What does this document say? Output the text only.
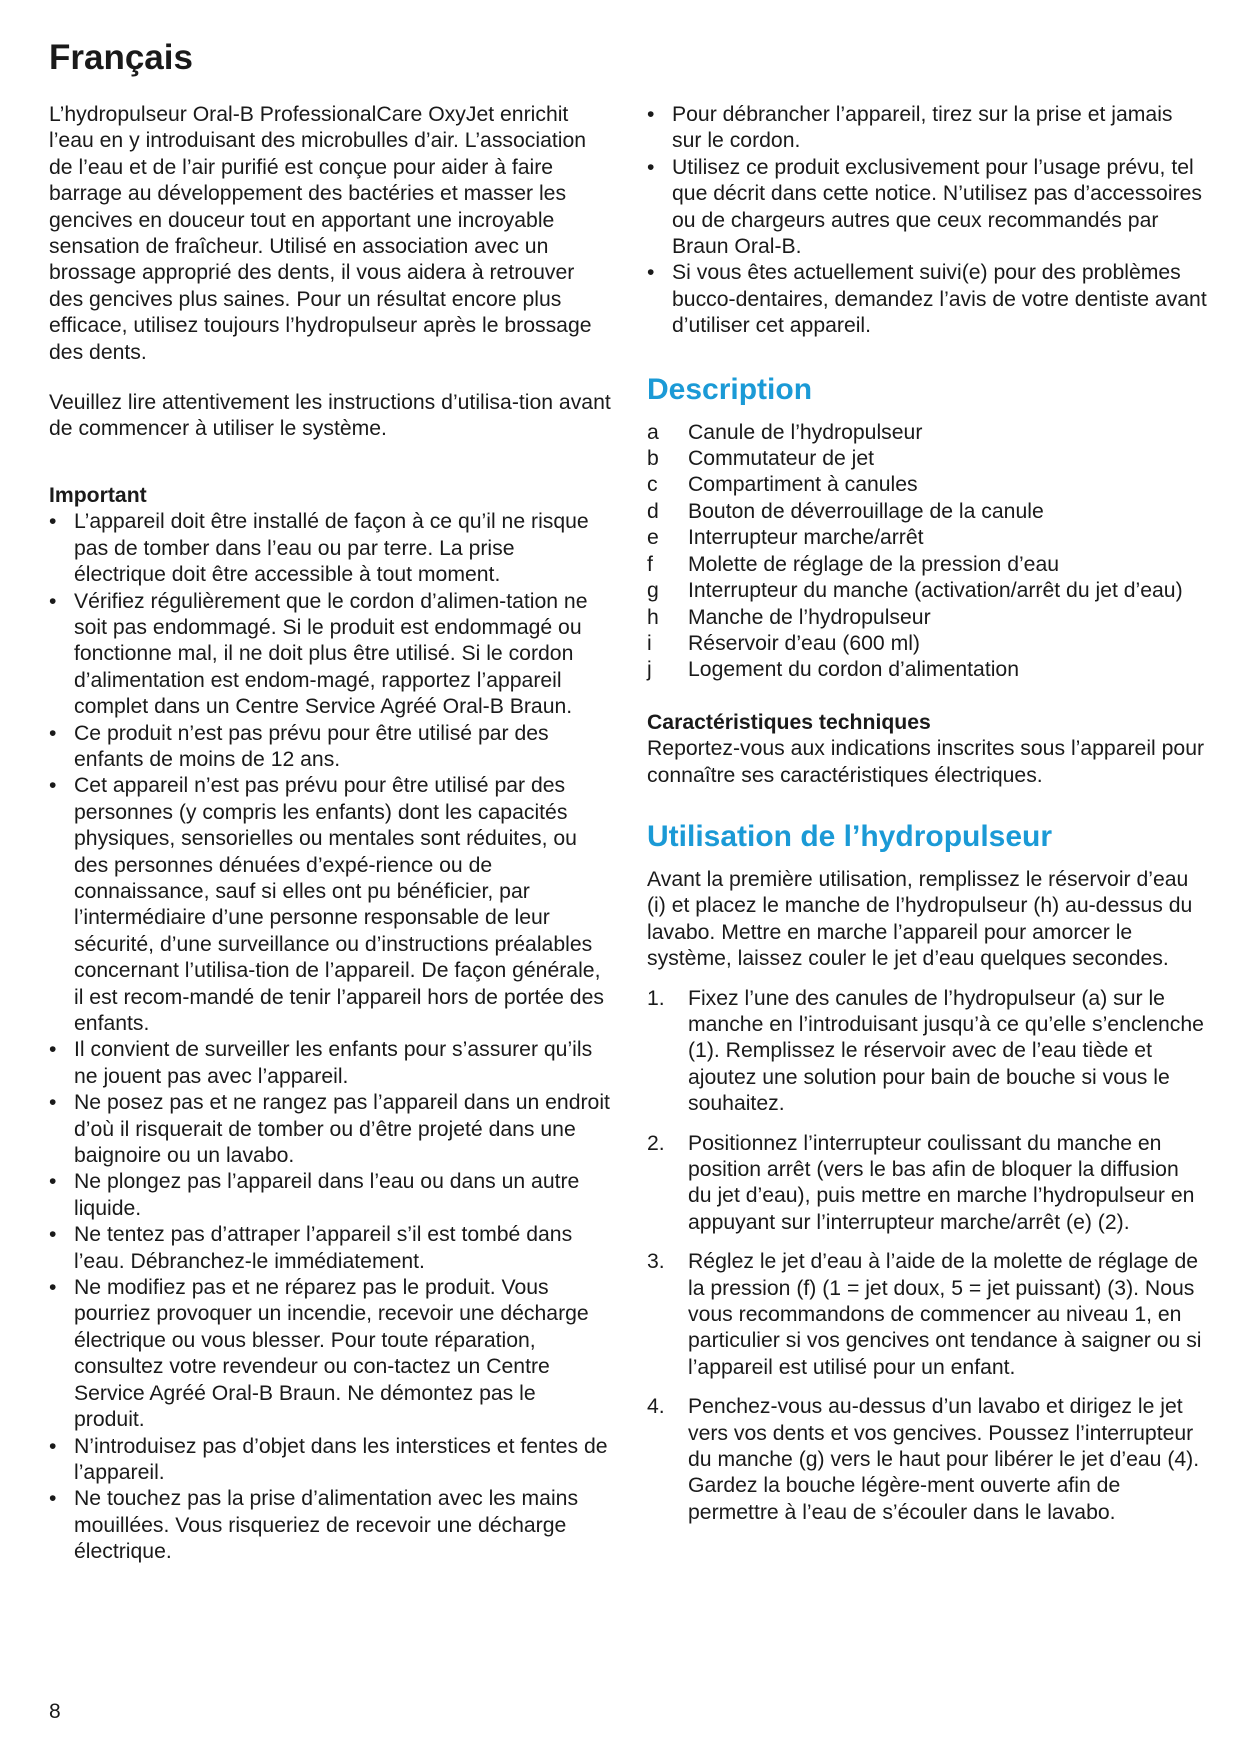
Français

L’hydropulseur Oral-B ProfessionalCare OxyJet enrichit l’eau en y introduisant des microbulles d’air. L’association de l’eau et de l’air purifié est conçue pour aider à faire barrage au développement des bactéries et masser les gencives en douceur tout en apportant une incroyable sensation de fraîcheur. Utilisé en association avec un brossage approprié des dents, il vous aidera à retrouver des gencives plus saines. Pour un résultat encore plus efficace, utilisez toujours l’hydropulseur après le brossage des dents.

Veuillez lire attentivement les instructions d’utilisa-tion avant de commencer à utiliser le système.

Important

• L’appareil doit être installé de façon à ce qu’il ne risque pas de tomber dans l’eau ou par terre. La prise électrique doit être accessible à tout moment.
• Vérifiez régulièrement que le cordon d’alimen-tation ne soit pas endommagé. Si le produit est endommagé ou fonctionne mal, il ne doit plus être utilisé. Si le cordon d’alimentation est endom-magé, rapportez l’appareil complet dans un Centre Service Agréé Oral-B Braun.
• Ce produit n’est pas prévu pour être utilisé par des enfants de moins de 12 ans.
• Cet appareil n’est pas prévu pour être utilisé par des personnes (y compris les enfants) dont les capacités physiques, sensorielles ou mentales sont réduites, ou des personnes dénuées d’expé-rience ou de connaissance, sauf si elles ont pu bénéficier, par l’intermédiaire d’une personne responsable de leur sécurité, d’une surveillance ou d’instructions préalables concernant l’utilisa-tion de l’appareil. De façon générale, il est recom-mandé de tenir l’appareil hors de portée des enfants.
• Il convient de surveiller les enfants pour s’assurer qu’ils ne jouent pas avec l’appareil.
• Ne posez pas et ne rangez pas l’appareil dans un endroit d’où il risquerait de tomber ou d’être projeté dans une baignoire ou un lavabo.
• Ne plongez pas l’appareil dans l’eau ou dans un autre liquide.
• Ne tentez pas d’attraper l’appareil s’il est tombé dans l’eau. Débranchez-le immédiatement.
• Ne modifiez pas et ne réparez pas le produit. Vous pourriez provoquer un incendie, recevoir une décharge électrique ou vous blesser. Pour toute réparation, consultez votre revendeur ou con-tactez un Centre Service Agréé Oral-B Braun. Ne démontez pas le produit.
• N’introduisez pas d’objet dans les interstices et fentes de l’appareil.
• Ne touchez pas la prise d’alimentation avec les mains mouillées. Vous risqueriez de recevoir une décharge électrique.
• Pour débrancher l’appareil, tirez sur la prise et jamais sur le cordon.
• Utilisez ce produit exclusivement pour l’usage prévu, tel que décrit dans cette notice. N’utilisez pas d’accessoires ou de chargeurs autres que ceux recommandés par Braun Oral-B.
• Si vous êtes actuellement suivi(e) pour des problèmes bucco-dentaires, demandez l’avis de votre dentiste avant d’utiliser cet appareil.
Description
a	Canule de l’hydropulseur
b	Commutateur de jet
c	Compartiment à canules
d	Bouton de déverrouillage de la canule
e	Interrupteur marche/arrêt
f	Molette de réglage de la pression d’eau
g	Interrupteur du manche (activation/arrêt du jet d’eau)
h	Manche de l’hydropulseur
i	Réservoir d’eau (600 ml)
j	Logement du cordon d’alimentation

Caractéristiques techniques

Reportez-vous aux indications inscrites sous l’appareil pour connaître ses caractéristiques électriques.

Utilisation de l’hydropulseur

Avant la première utilisation, remplissez le réservoir d’eau (i) et placez le manche de l’hydropulseur (h) au-dessus du lavabo. Mettre en marche l’appareil pour amorcer le système, laissez couler le jet d’eau quelques secondes.

1.	Fixez l’une des canules de l’hydropulseur (a) sur le manche en l’introduisant jusqu’à ce qu’elle s’enclenche (1). Remplissez le réservoir avec de l’eau tiède et ajoutez une solution pour bain de bouche si vous le souhaitez.
2.	Positionnez l’interrupteur coulissant du manche en position arrêt (vers le bas afin de bloquer la diffusion du jet d’eau), puis mettre en marche l’hydropulseur en appuyant sur l’interrupteur marche/arrêt (e) (2).
3.	Réglez le jet d’eau à l’aide de la molette de réglage de la pression (f) (1 = jet doux, 5 = jet puissant) (3). Nous vous recommandons de commencer au niveau 1, en particulier si vos gencives ont tendance à saigner ou si l’appareil est utilisé pour un enfant.
4.	Penchez-vous au-dessus d’un lavabo et dirigez le jet vers vos dents et vos gencives. Poussez l’interrupteur du manche (g) vers le haut pour libérer le jet d’eau (4). Gardez la bouche légère-ment ouverte afin de permettre à l’eau de s’écouler dans le lavabo.
8
